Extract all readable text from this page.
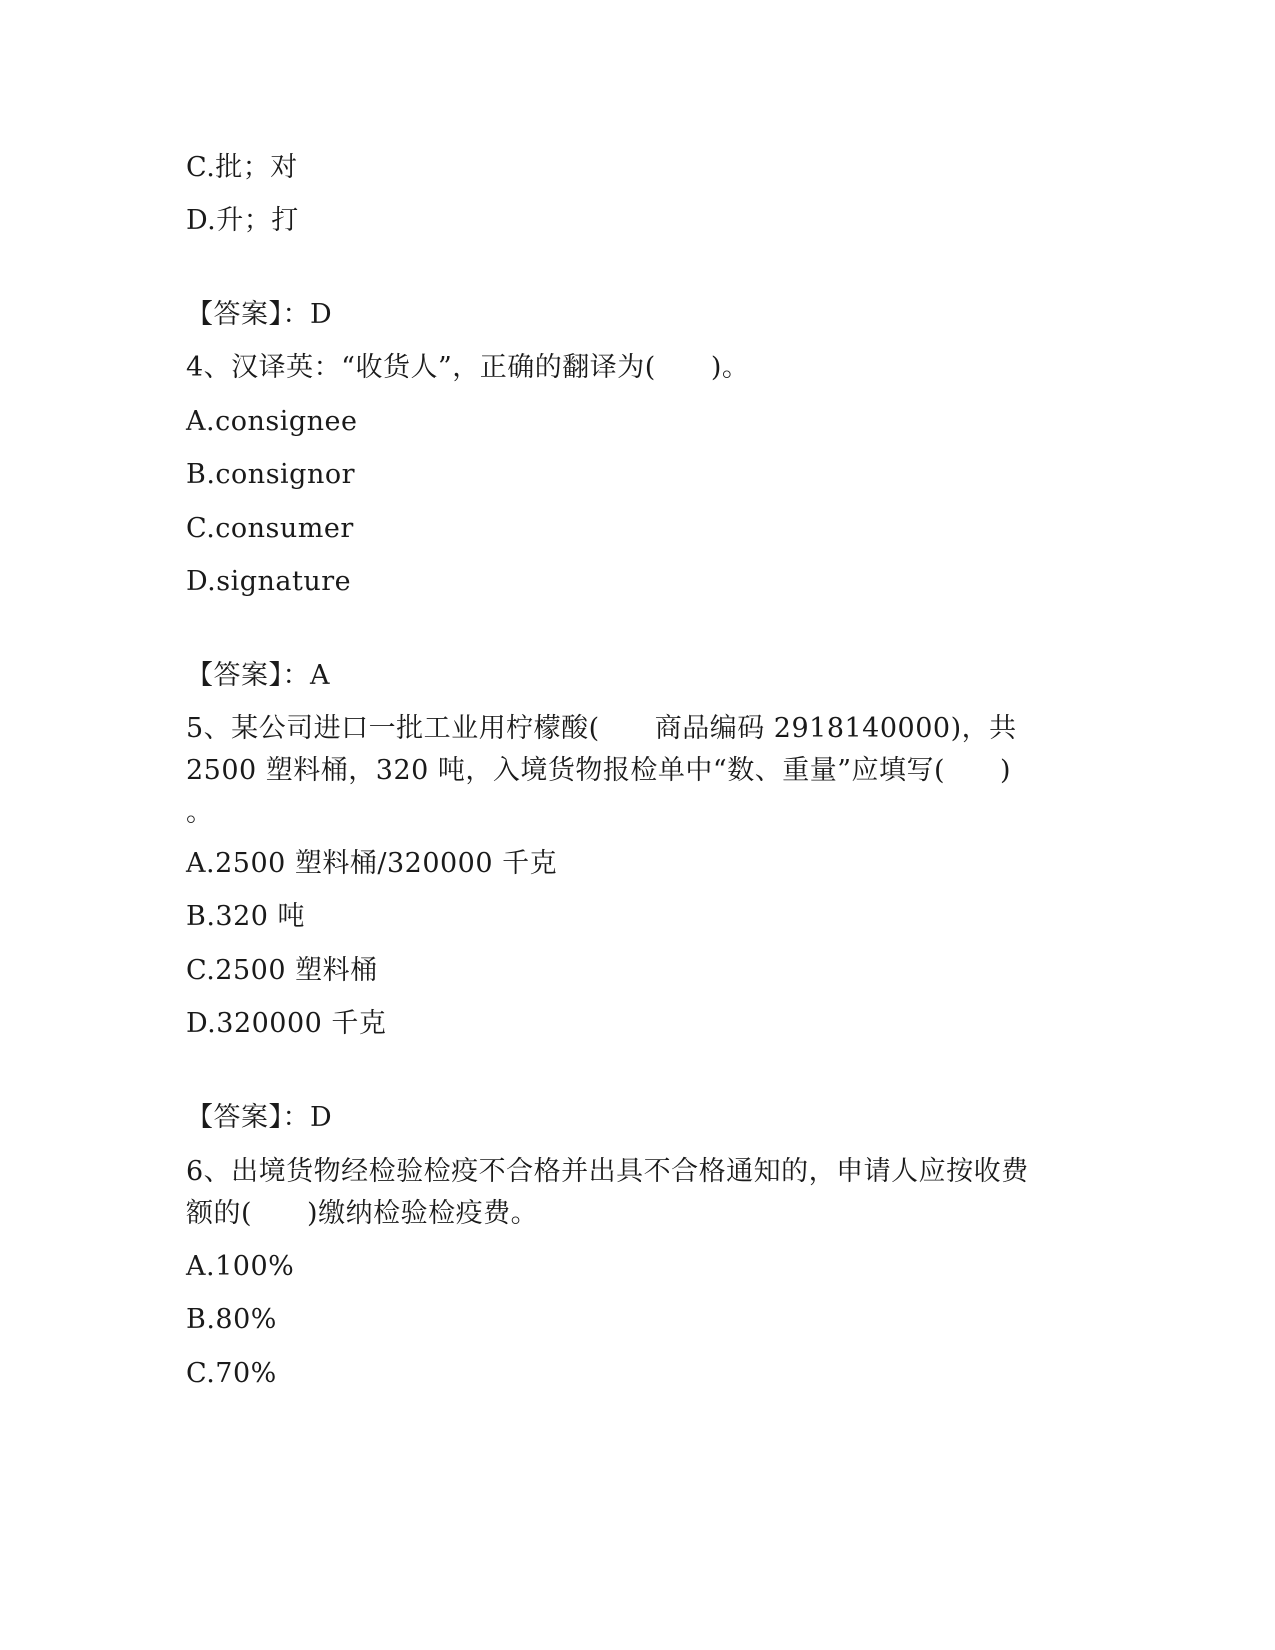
C.批；对
D.升；打
【答案】：D
4、汉译英：“收货人”，正确的翻译为(　　)。
A.consignee
B.consignor
C.consumer
D.signature
【答案】：A
5、某公司进口一批工业用柠檬酸(　　商品编码 2918140000)，共
2500 塑料桶，320 吨，入境货物报检单中“数、重量”应填写(　　)
。
A.2500 塑料桶/320000 千克
B.320 吨
C.2500 塑料桶
D.320000 千克
【答案】：D
6、出境货物经检验检疫不合格并出具不合格通知的，申请人应按收费
额的(　　)缴纳检验检疫费。
A.100%
B.80%
C.70%
